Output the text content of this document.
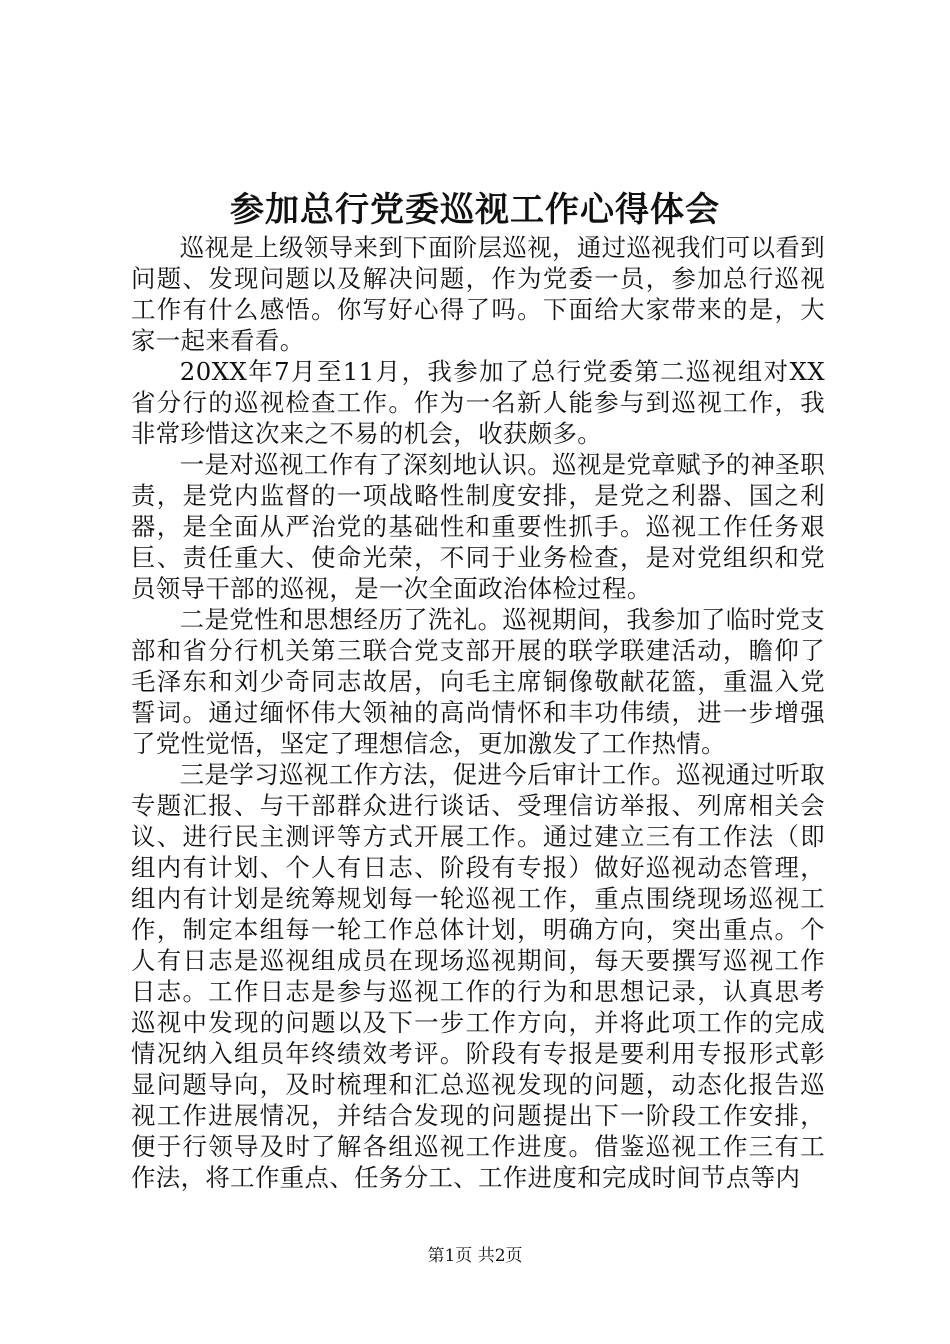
参加总行党委巡视工作心得体会

巡视是上级领导来到下面阶层巡视，通过巡视我们可以看到问题、发现问题以及解决问题，作为党委一员，参加总行巡视工作有什么感悟。你写好心得了吗。下面给大家带来的是，大家一起来看看。

20XX年7月至11月，我参加了总行党委第二巡视组对XX省分行的巡视检查工作。作为一名新人能参与到巡视工作，我非常珍惜这次来之不易的机会，收获颇多。

一是对巡视工作有了深刻地认识。巡视是党章赋予的神圣职责，是党内监督的一项战略性制度安排，是党之利器、国之利器，是全面从严治党的基础性和重要性抓手。巡视工作任务艰巨、责任重大、使命光荣，不同于业务检查，是对党组织和党员领导干部的巡视，是一次全面政治体检过程。

二是党性和思想经历了洗礼。巡视期间，我参加了临时党支部和省分行机关第三联合党支部开展的联学联建活动，瞻仰了毛泽东和刘少奇同志故居，向毛主席铜像敬献花篮，重温入党誓词。通过缅怀伟大领袖的高尚情怀和丰功伟绩，进一步增强了党性觉悟，坚定了理想信念，更加激发了工作热情。

三是学习巡视工作方法，促进今后审计工作。巡视通过听取专题汇报、与干部群众进行谈话、受理信访举报、列席相关会议、进行民主测评等方式开展工作。通过建立三有工作法（即组内有计划、个人有日志、阶段有专报）做好巡视动态管理，组内有计划是统筹规划每一轮巡视工作，重点围绕现场巡视工作，制定本组每一轮工作总体计划，明确方向，突出重点。个人有日志是巡视组成员在现场巡视期间，每天要撰写巡视工作日志。工作日志是参与巡视工作的行为和思想记录，认真思考巡视中发现的问题以及下一步工作方向，并将此项工作的完成情况纳入组员年终绩效考评。阶段有专报是要利用专报形式彰显问题导向，及时梳理和汇总巡视发现的问题，动态化报告巡视工作进展情况，并结合发现的问题提出下一阶段工作安排，便于行领导及时了解各组巡视工作进度。借鉴巡视工作三有工作法，将工作重点、任务分工、工作进度和完成时间节点等内

第1页 共2页
